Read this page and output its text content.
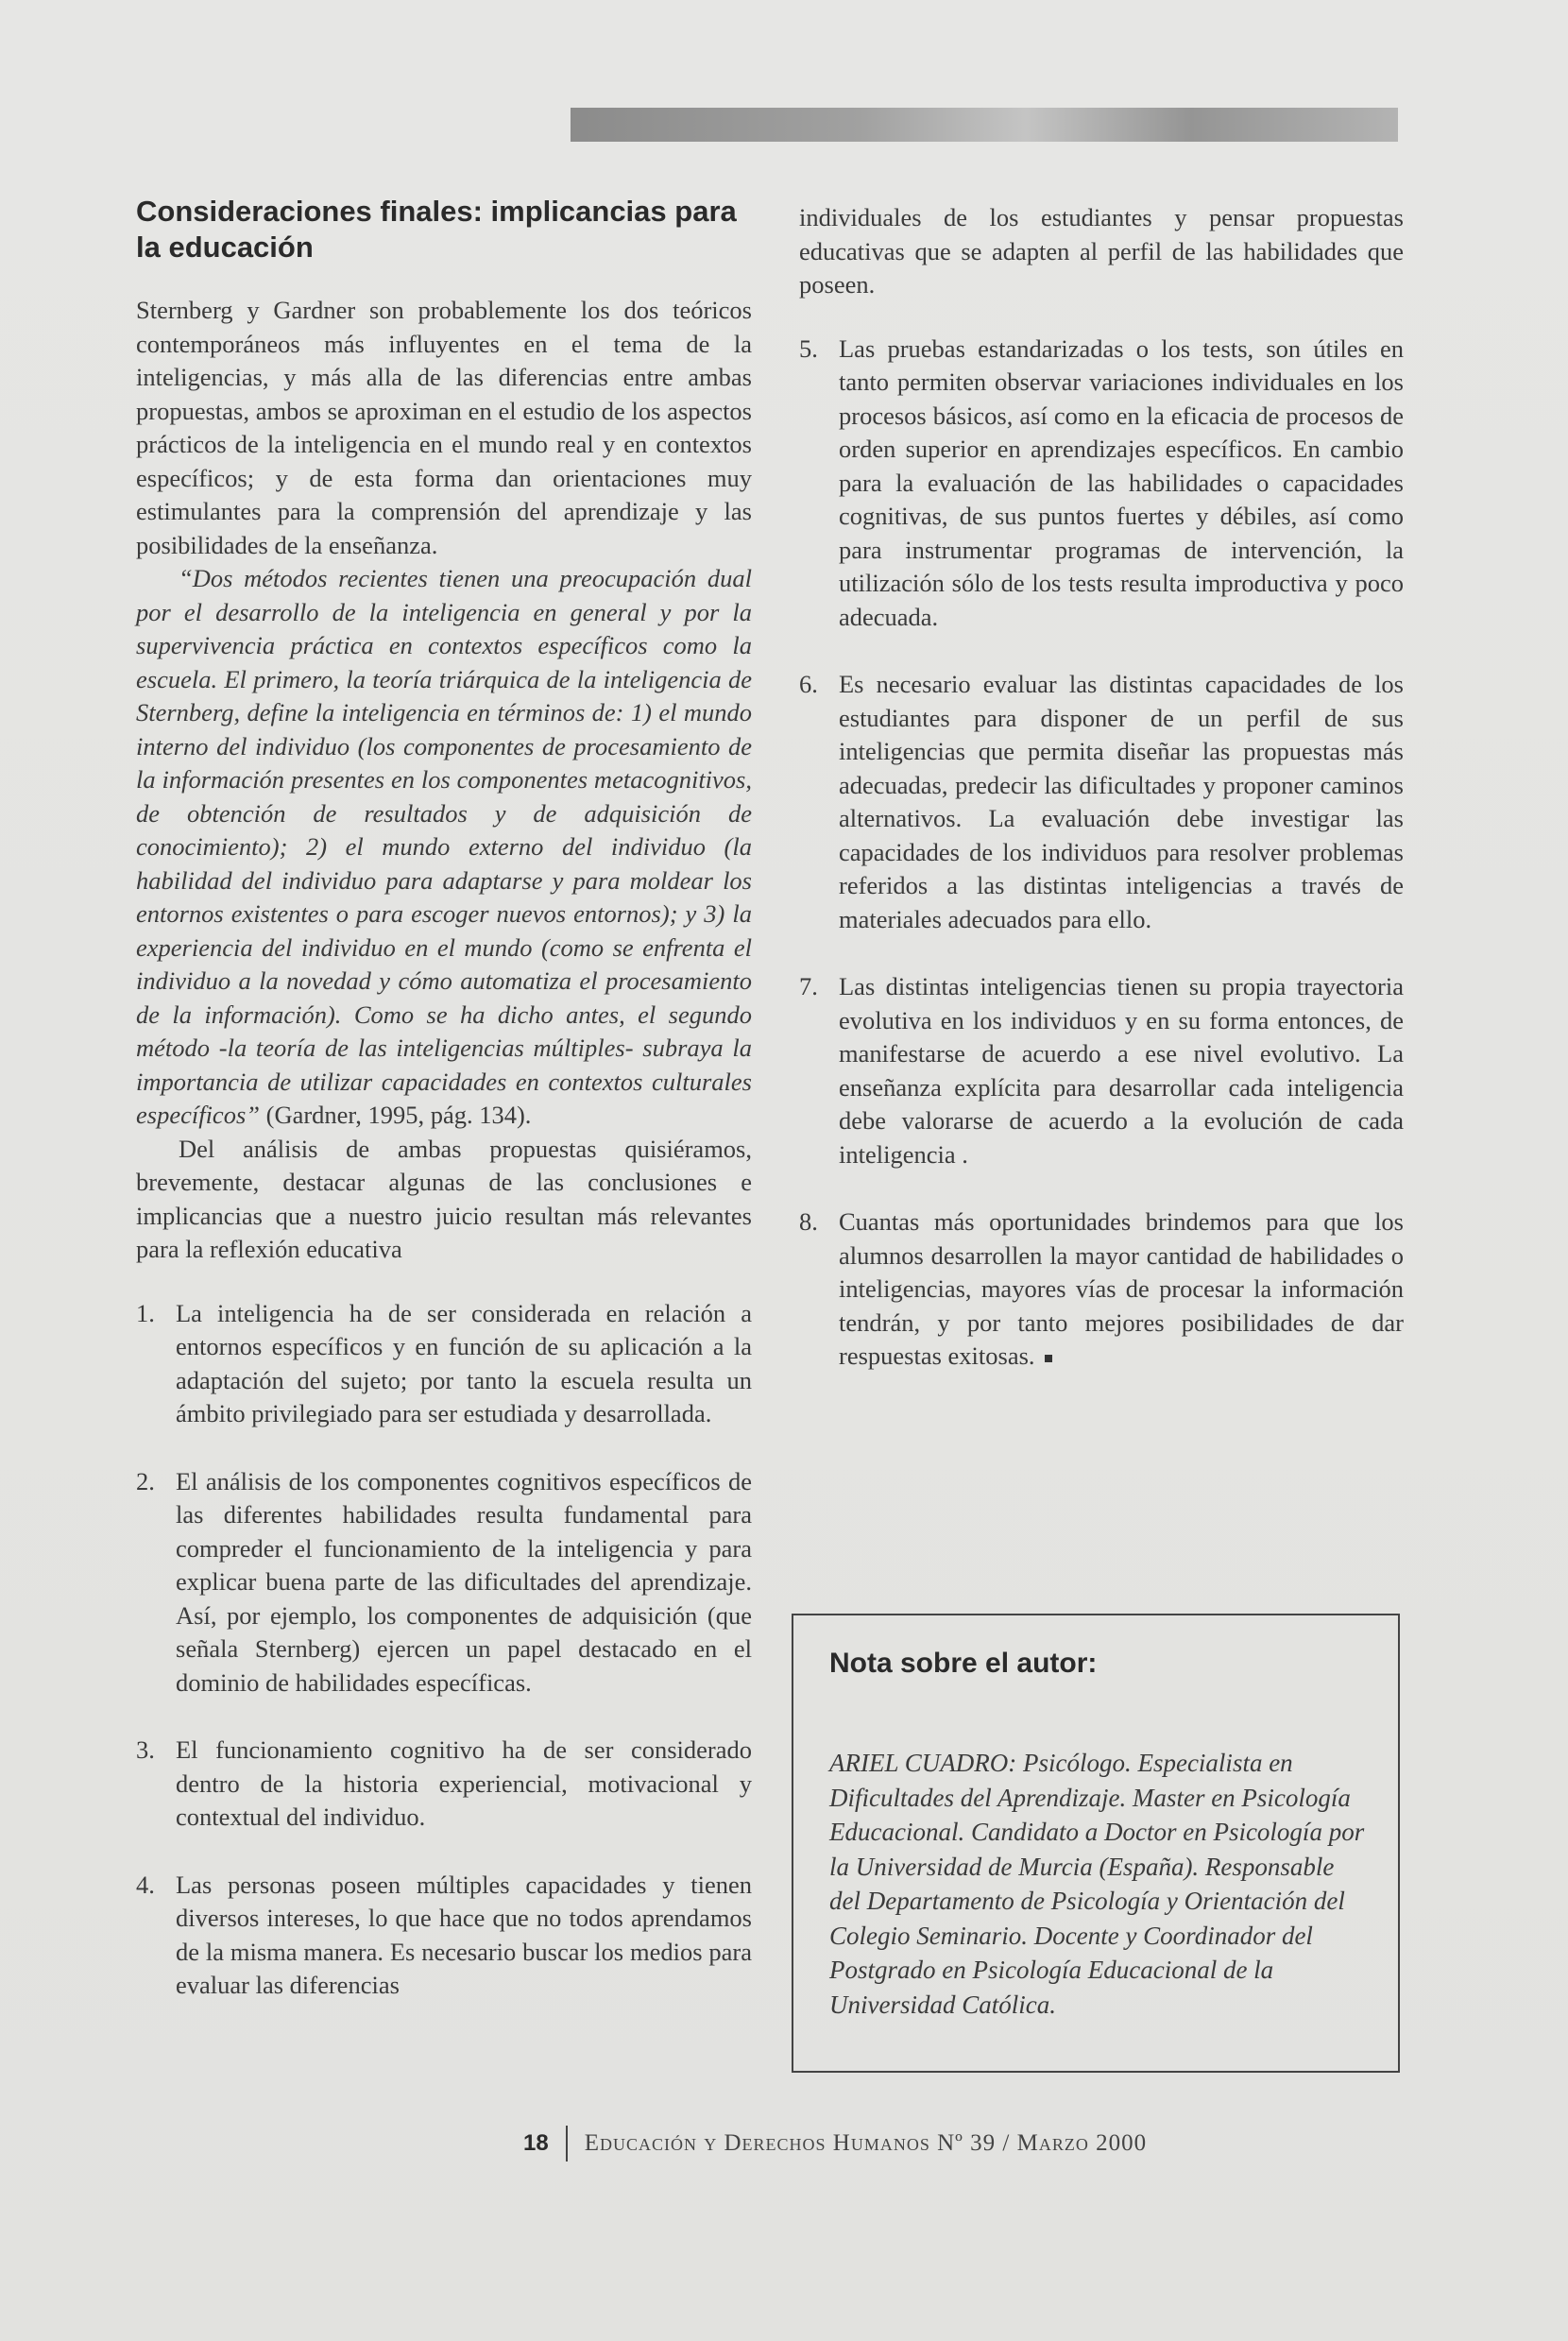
Consideraciones finales: implicancias para la educación

Sternberg y Gardner son probablemente los dos teóricos contemporáneos más influyentes en el tema de la inteligencias, y más alla de las diferencias entre ambas propuestas, ambos se aproximan en el estudio de los aspectos prácticos de la inteligencia en el mundo real y en contextos específicos; y de esta forma dan orientaciones muy estimulantes para la comprensión del aprendizaje y las posibilidades de la enseñanza.

“Dos métodos recientes tienen una preocupación dual por el desarrollo de la inteligencia en general y por la supervivencia práctica en contextos específicos como la escuela. El primero, la teoría triárquica de la inteligencia de Sternberg, define la inteligencia en términos de: 1) el mundo interno del individuo (los componentes de procesamiento de la información presentes en los componentes metacognitivos, de obtención de resultados y de adquisición de conocimiento); 2) el mundo externo del individuo (la habilidad del individuo para adaptarse y para moldear los entornos existentes o para escoger nuevos entornos); y 3) la experiencia del individuo en el mundo (como se enfrenta el individuo a la novedad y cómo automatiza el procesamiento de la información). Como se ha dicho antes, el segundo método -la teoría de las inteligencias múltiples- subraya la importancia de utilizar capacidades en contextos culturales específicos” (Gardner, 1995, pág. 134).

Del análisis de ambas propuestas quisiéramos, brevemente, destacar algunas de las conclusiones e implicancias que a nuestro juicio resultan más relevantes para la reflexión educativa

1. La inteligencia ha de ser considerada en relación a entornos específicos y en función de su aplicación a la adaptación del sujeto; por tanto la escuela resulta un ámbito privilegiado para ser estudiada y desarrollada.
2. El análisis de los componentes cognitivos específicos de las diferentes habilidades resulta fundamental para compreder el funcionamiento de la inteligencia y para explicar buena parte de las dificultades del aprendizaje. Así, por ejemplo, los componentes de adquisición (que señala Sternberg) ejercen un papel destacado en el dominio de habilidades específicas.
3. El funcionamiento cognitivo ha de ser considerado dentro de la historia experiencial, motivacional y contextual del individuo.
4. Las personas poseen múltiples capacidades y tienen diversos intereses, lo que hace que no todos aprendamos de la misma manera. Es necesario buscar los medios para evaluar las diferencias

individuales de los estudiantes y pensar propuestas educativas que se adapten al perfil de las habilidades que poseen.

5. Las pruebas estandarizadas o los tests, son útiles en tanto permiten observar variaciones individuales en los procesos básicos, así como en la eficacia de procesos de orden superior en aprendizajes específicos. En cambio para la evaluación de las habilidades o capacidades cognitivas, de sus puntos fuertes y débiles, así como para instrumentar programas de intervención, la utilización sólo de los tests resulta improductiva y poco adecuada.
6. Es necesario evaluar las distintas capacidades de los estudiantes para disponer de un perfil de sus inteligencias que permita diseñar las propuestas más adecuadas, predecir las dificultades y proponer caminos alternativos. La evaluación debe investigar las capacidades de los individuos para resolver problemas referidos a las distintas inteligencias a través de materiales adecuados para ello.
7. Las distintas inteligencias tienen su propia trayectoria evolutiva en los individuos y en su forma entonces, de manifestarse de acuerdo a ese nivel evolutivo. La enseñanza explícita para desarrollar cada inteligencia debe valorarse de acuerdo a la evolución de cada inteligencia .
8. Cuantas más oportunidades brindemos para que los alumnos desarrollen la mayor cantidad de habilidades o inteligencias, mayores vías de procesar la información tendrán, y por tanto mejores posibilidades de dar respuestas exitosas.
Nota sobre el autor:

ARIEL CUADRO: Psicólogo. Especialista en Dificultades del Aprendizaje. Master en Psicología Educacional. Candidato a Doctor en Psicología por la Universidad de Murcia (España). Responsable del Departamento de Psicología y Orientación del Colegio Seminario. Docente y Coordinador del Postgrado en Psicología Educacional de la Universidad Católica.

18 Educación y Derechos Humanos Nº 39 / Marzo 2000
